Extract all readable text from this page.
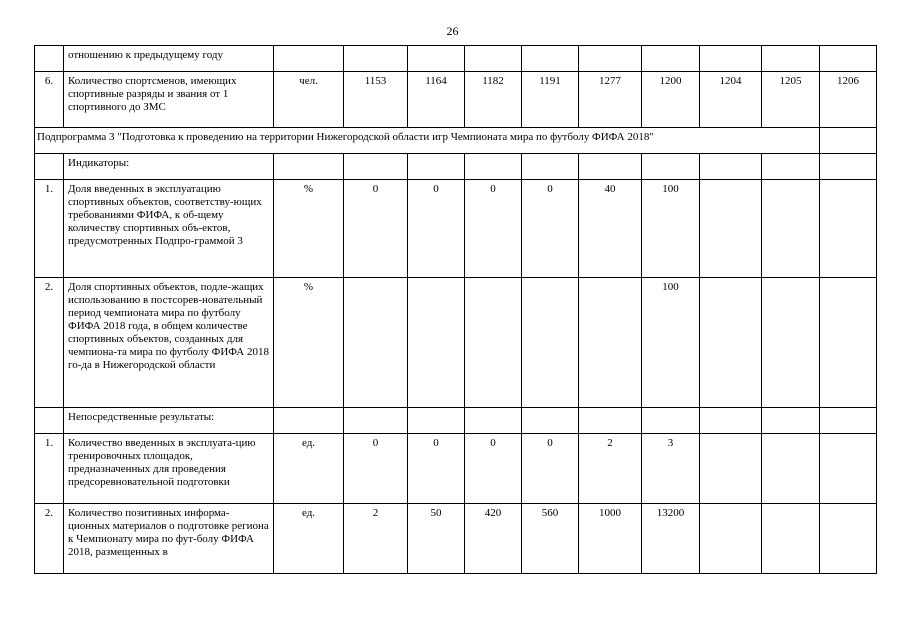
26
	отношению к предыдущему году										
6.	Количество спортсменов, имеющих спортивные разряды и звания от 1 спортивного до ЗМС	чел.	1153	1164	1182	1191	1277	1200	1204	1205	1206
Подпрограмма 3 "Подготовка к проведению на территории Нижегородской области игр Чемпионата мира по футболу ФИФА 2018"											
	Индикаторы:										
1.	Доля введенных в эксплуатацию спортивных объектов, соответству-ющих требованиями ФИФА, к об-щему количеству спортивных объ-ектов, предусмотренных Подпро-граммой 3	%	0	0	0	0	40	100			
2.	Доля спортивных объектов, подле-жащих использованию в постсорев-новательный период чемпионата мира по футболу ФИФА 2018 года, в общем количестве спортивных объектов, созданных для чемпиона-та мира по футболу ФИФА 2018 го-да в Нижегородской области	%						100			
	Непосредственные результаты:										
1.	Количество введенных в эксплуата-цию тренировочных площадок, предназначенных для проведения предсоревновательной подготовки	ед.	0	0	0	0	2	3			
2.	Количество позитивных информа-ционных материалов о подготовке региона к Чемпионату мира по фут-болу ФИФА 2018, размещенных в	ед.	2	50	420	560	1000	13200			
